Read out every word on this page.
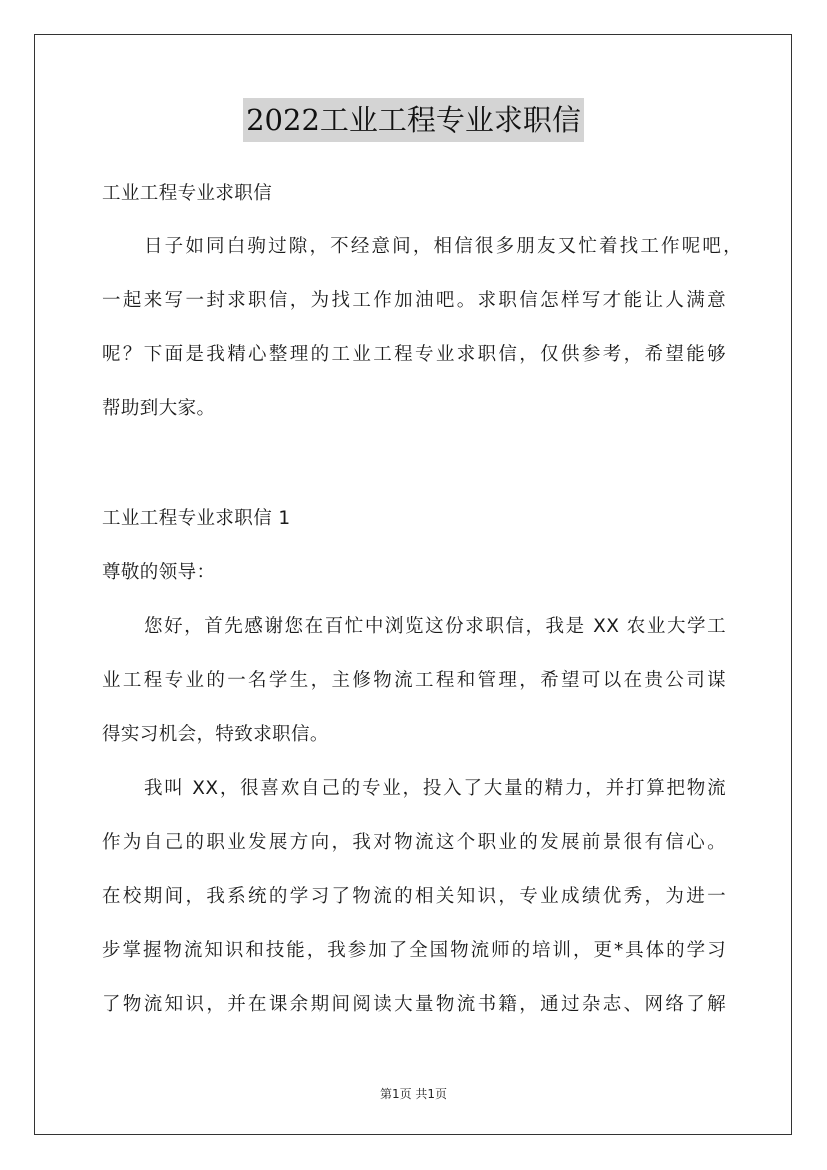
2022工业工程专业求职信
工业工程专业求职信
日子如同白驹过隙，不经意间，相信很多朋友又忙着找工作呢吧，
一起来写一封求职信，为找工作加油吧。求职信怎样写才能让人满意
呢？下面是我精心整理的工业工程专业求职信，仅供参考，希望能够
帮助到大家。
工业工程专业求职信 1
尊敬的领导：
您好，首先感谢您在百忙中浏览这份求职信，我是 XX 农业大学工
业工程专业的一名学生，主修物流工程和管理，希望可以在贵公司谋
得实习机会，特致求职信。
我叫 XX，很喜欢自己的专业，投入了大量的精力，并打算把物流
作为自己的职业发展方向，我对物流这个职业的发展前景很有信心。
在校期间，我系统的学习了物流的相关知识，专业成绩优秀，为进一
步掌握物流知识和技能，我参加了全国物流师的培训，更*具体的学习
了物流知识，并在课余期间阅读大量物流书籍，通过杂志、网络了解
第1页 共1页
